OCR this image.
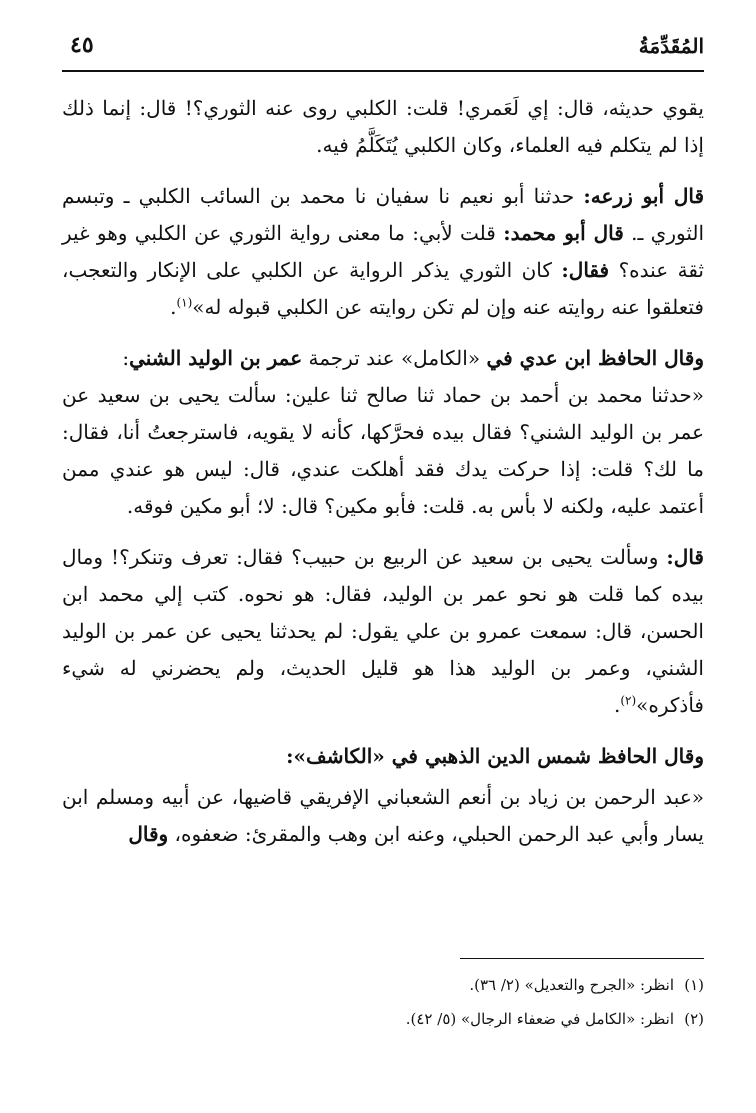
المُقَدِّمَةُ
٤٥

يقوي حديثه، قال: إي لَعَمري! قلت: الكلبي روى عنه الثوري؟! قال: إنما ذلك إذا لم يتكلم فيه العلماء، وكان الكلبي يُتَكَلَّمُ فيه.

قال أبو زرعه: حدثنا أبو نعيم نا سفيان نا محمد بن السائب الكلبي ـ وتبسم الثوري ـ. قال أبو محمد: قلت لأبي: ما معنى رواية الثوري عن الكلبي وهو غير ثقة عنده؟ فقال: كان الثوري يذكر الرواية عن الكلبي على الإنكار والتعجب، فتعلقوا عنه روايته عنه وإن لم تكن روايته عن الكلبي قبوله له»$^{(١)}$.

وقال الحافظ ابن عدي في «الكامل» عند ترجمة عمر بن الوليد الشني:
«حدثنا محمد بن أحمد بن حماد ثنا صالح ثنا علين: سألت يحيى بن سعيد عن عمر بن الوليد الشني؟ فقال بيده فحرَّكها، كأنه لا يقويه، فاسترجعتُ أنا، فقال: ما لك؟ قلت: إذا حركت يدك فقد أهلكت عندي، قال: ليس هو عندي ممن أعتمد عليه، ولكنه لا بأس به. قلت: فأبو مكين؟ قال: لا؛ أبو مكين فوقه.

قال: وسألت يحيى بن سعيد عن الربيع بن حبيب؟ فقال: تعرف وتنكر؟! ومال بيده كما قلت هو نحو عمر بن الوليد، فقال: هو نحوه. كتب إلي محمد ابن الحسن، قال: سمعت عمرو بن علي يقول: لم يحدثنا يحيى عن عمر بن الوليد الشني، وعمر بن الوليد هذا هو قليل الحديث، ولم يحضرني له شيء فأذكره»$^{(٢)}$.

وقال الحافظ شمس الدين الذهبي في «الكاشف»:

«عبد الرحمن بن زياد بن أنعم الشعباني الإفريقي قاضيها، عن أبيه ومسلم ابن يسار وأبي عبد الرحمن الحبلي، وعنه ابن وهب والمقرئ: ضعفوه، وقال

(١)انظر: «الجرح والتعديل» (٢/ ٣٦).

(٢)انظر: «الكامل في ضعفاء الرجال» (٥/ ٤٢).
